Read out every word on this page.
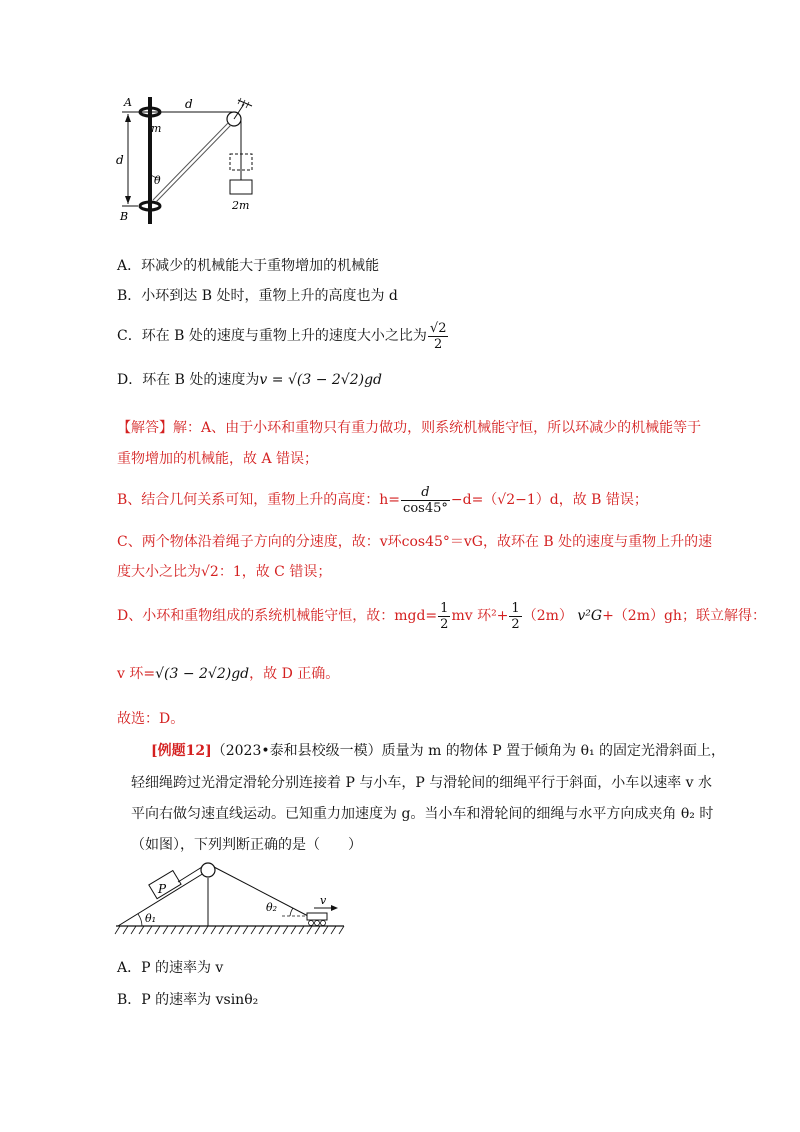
A	d
m
d
θ
B
2m
A．环减少的机械能大于重物增加的机械能
B．小环到达 B 处时，重物上升的高度也为 d
C．环在 B 处的速度与重物上升的速度大小之比为 $\frac{√2}{2}$
D．环在 B 处的速度为v = √(3 − 2√2)gd
【解答】解：A、由于小环和重物只有重力做功，则系统机械能守恒，所以环减少的机械能等于
重物增加的机械能，故 A 错误；
B、结合几何关系可知，重物上升的高度：$h= \frac{d}{\cos 45^\circ} -d=(√2-1)d$，故 B 错误；
C、两个物体沿着绳子方向的分速度，故：v环cos45°＝vG，故环在 B 处的速度与重物上升的速
度大小之比为√2：1，故 C 错误；
D、小环和重物组成的系统机械能守恒，故：$mgd= \frac{1}{2}$ mv 环$^2+ \frac{1}{2} (2m)$ v²G+（2m）gh；联立解得：
v 环=√(3 − 2√2)gd，故 D 正确。
故选：D。
[例题12]（2023•泰和县校级一模）质量为 m 的物体 P 置于倾角为 θ₁ 的固定光滑斜面上，
轻细绳跨过光滑定滑轮分别连接着 P 与小车，P 与滑轮间的细绳平行于斜面，小车以速率 v 水
平向右做匀速直线运动。已知重力加速度为 g。当小车和滑轮间的细绳与水平方向成夹角 θ₂ 时
（如图），下列判断正确的是（　　）
P
θ₁
θ₂
v
A．P 的速率为 v
B．P 的速率为 vsinθ₂
